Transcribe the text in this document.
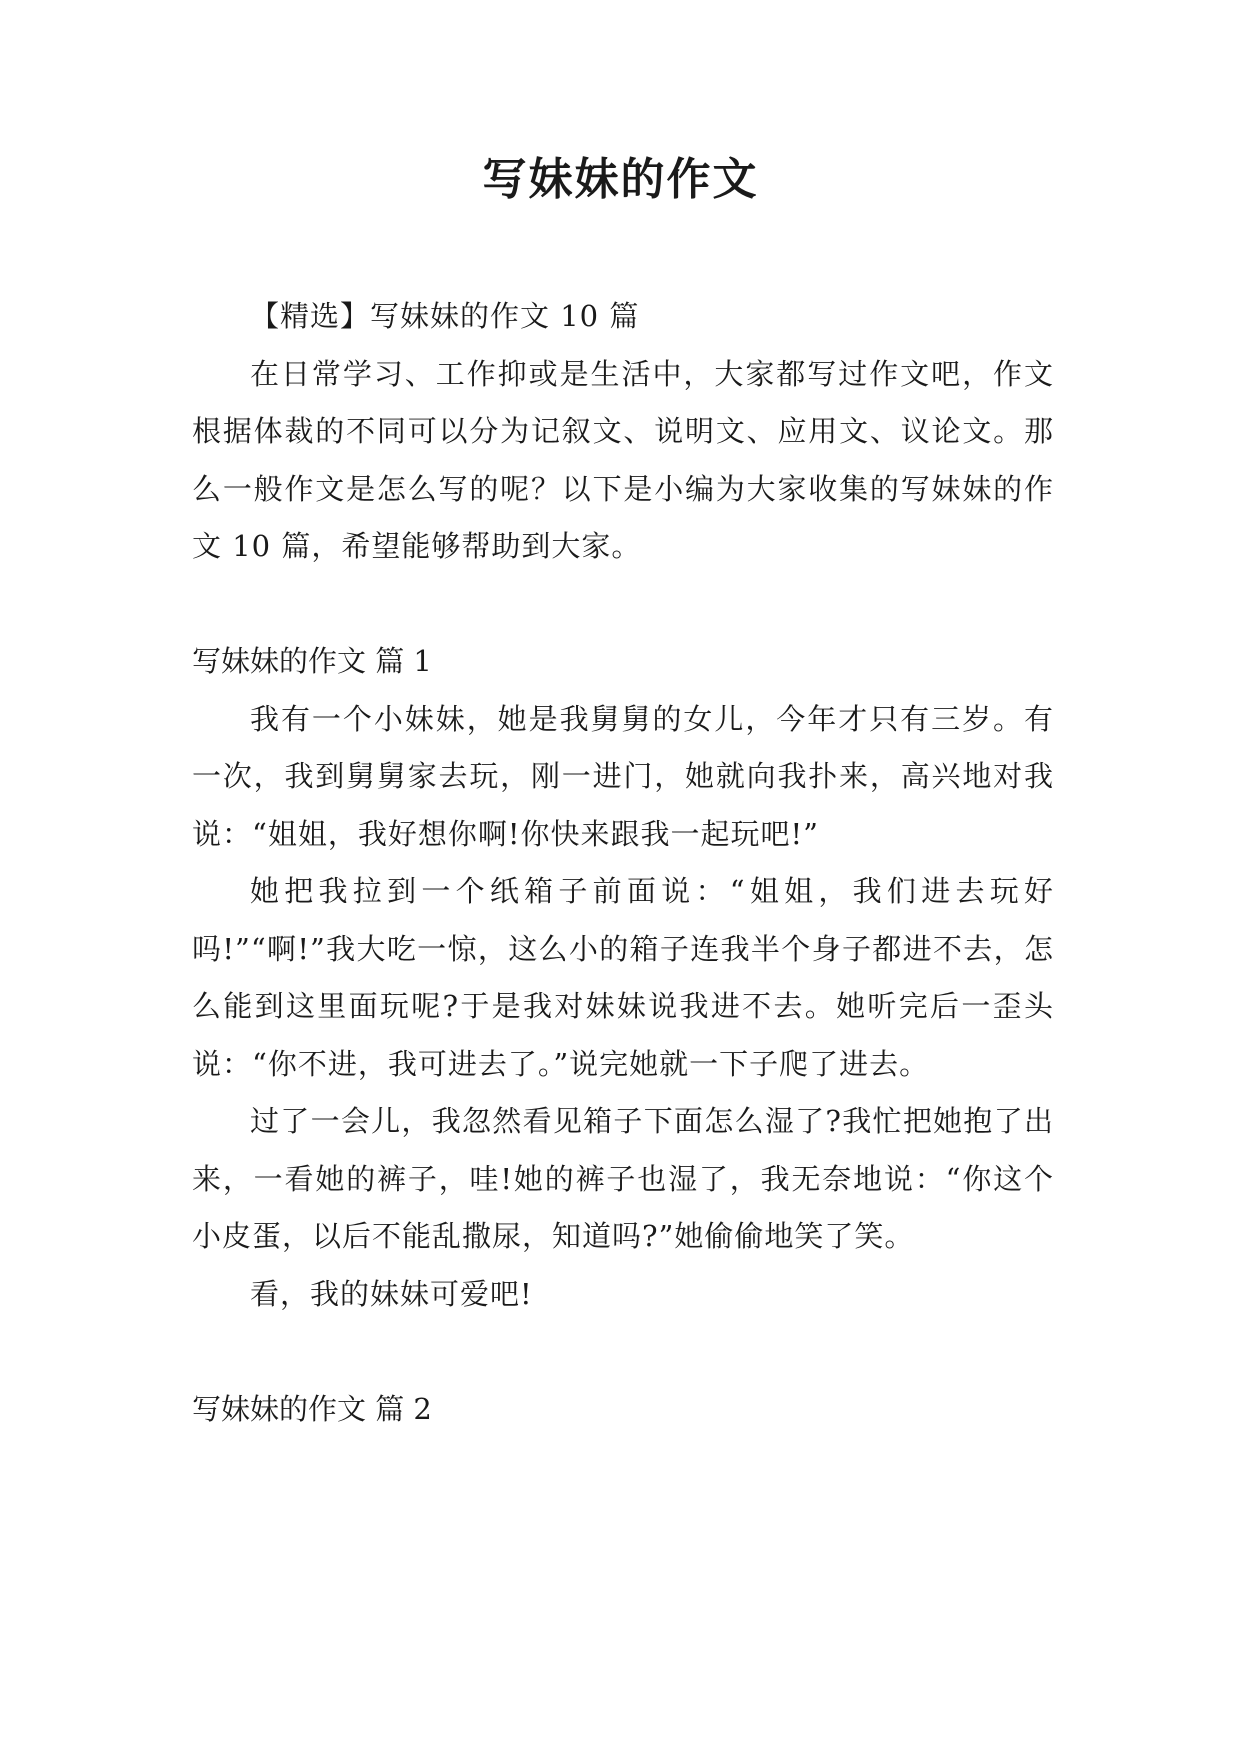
写妹妹的作文

【精选】写妹妹的作文 10 篇

在日常学习、工作抑或是生活中，大家都写过作文吧，作文根据体裁的不同可以分为记叙文、说明文、应用文、议论文。那么一般作文是怎么写的呢？以下是小编为大家收集的写妹妹的作文 10 篇，希望能够帮助到大家。

写妹妹的作文 篇 1

我有一个小妹妹，她是我舅舅的女儿，今年才只有三岁。有一次，我到舅舅家去玩，刚一进门，她就向我扑来，高兴地对我说：“姐姐，我好想你啊!你快来跟我一起玩吧!”

她把我拉到一个纸箱子前面说：“姐姐，我们进去玩好吗!”“啊!”我大吃一惊，这么小的箱子连我半个身子都进不去，怎么能到这里面玩呢?于是我对妹妹说我进不去。她听完后一歪头说：“你不进，我可进去了。”说完她就一下子爬了进去。

过了一会儿，我忽然看见箱子下面怎么湿了?我忙把她抱了出来，一看她的裤子，哇!她的裤子也湿了，我无奈地说：“你这个小皮蛋，以后不能乱撒尿，知道吗?”她偷偷地笑了笑。

看，我的妹妹可爱吧!

写妹妹的作文 篇 2
